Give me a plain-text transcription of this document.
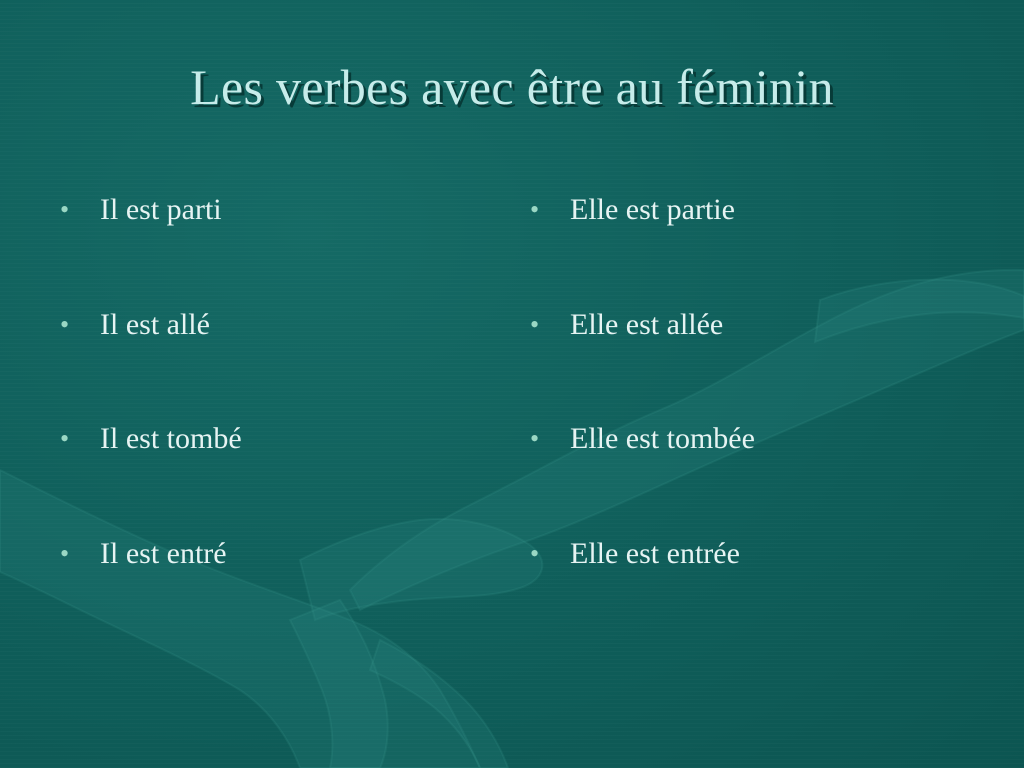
Les verbes avec être au féminin
• Il est parti
• Il est allé
• Il est tombé
• Il est entré
• Elle est partie
• Elle est allée
• Elle est tombée
• Elle est entrée
